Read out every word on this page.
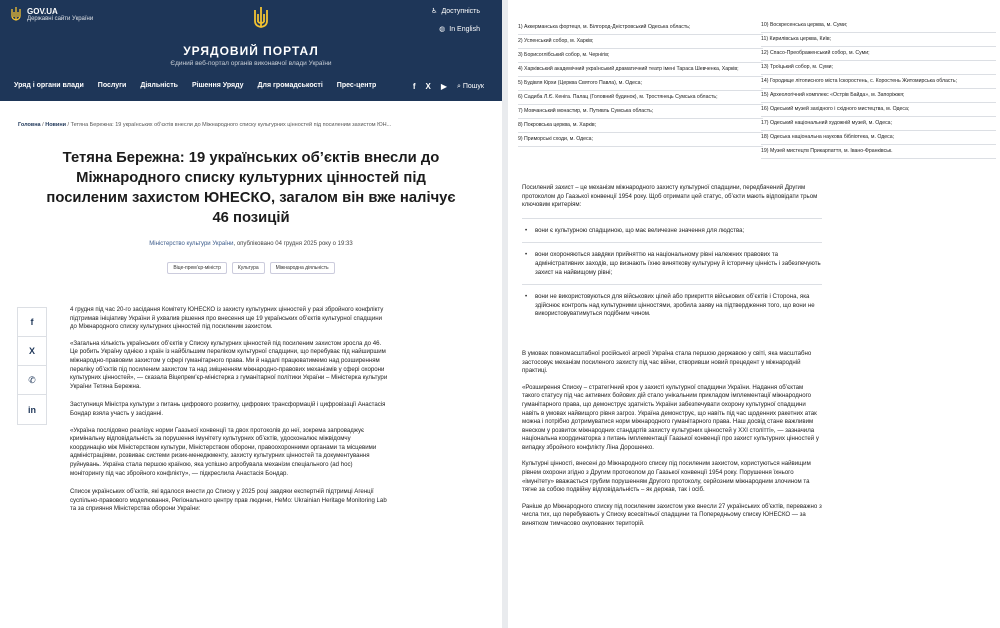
GOV.UA
Державні сайти України
♿ Доступність
◍ In English
УРЯДОВИЙ ПОРТАЛ
Єдиний веб-портал органів виконавчої влади України
Уряд і органи влади Послуги Діяльність Рішення Уряду Для громадськості Прес-центр	f X ▶ ⌕ Пошук
Головна / Новини / Тетяна Бережна: 19 українських об'єктів внесли до Міжнародного списку культурних цінностей під посиленим захистом ЮН...
Тетяна Бережна: 19 українських об’єктів внесли до Міжнародного списку культурних цінностей під посиленим захистом ЮНЕСКО, загалом він вже налічує 46 позицій
Міністерство культури України, опубліковано 04 грудня 2025 року о 19:33
Віце-прем’єр-міністр	Культура	Міжнародна діяльність
f
X
✆
in

4 грудня під час 20-го засідання Комітету ЮНЕСКО із захисту культурних цінностей у разі збройного конфлікту підтримав ініціативу України й ухвалив рішення про внесення ще 19 українських об’єктів культурної спадщини до Міжнародного списку культурних цінностей під посиленим захистом.

«Загальна кількість українських об’єктів у Списку культурних цінностей під посиленим захистом зросла до 46. Це робить Україну однією з країн із найбільшим переліком культурної спадщини, що перебуває під найширшим міжнародно-правовим захистом у сфері гуманітарного права. Ми й надалі працюватимемо над розширенням переліку об’єктів під посиленим захистом та над зміцненням міжнародно-правових механізмів у сфері охорони культурних цінностей», — сказала Віцепрем’єр-міністерка з гуманітарної політики України – Міністерка культури України Тетяна Бережна.

Заступниця Міністра культури з питань цифрового розвитку, цифрових трансформацій і цифровізації Анастасія Бондар взяла участь у засіданні.

«Україна послідовно реалізує норми Гаазької конвенції та двох протоколів до неї, зокрема запроваджує кримінальну відповідальність за порушення імунітету культурних об’єктів, удосконалює міжвідомчу координацію між Міністерством культури, Міністерством оборони, правоохоронними органами та місцевими адміністраціями, розвиває системи ризик-менеджменту, захисту культурних цінностей та документування руйнувань. Україна стала першою країною, яка успішно апробувала механізм спеціального (ad hoc) моніторингу під час збройного конфлікту», — підкреслила Анастасія Бондар.

Список українських об’єктів, які вдалося внести до Списку у 2025 році завдяки експертній підтримці Агенції суспільно-правового моделювання, Регіонального центру прав людини, HeMo: Ukrainian Heritage Monitoring Lab та за сприяння Міністерства оборони України:

1) Аккерманська фортеця, м. Білгород-Дністровський Одеська область;
2) Успенський собор, м. Харків;
3) Борисоглібський собор, м. Чернігів;
4) Харківський академічний український драматичний театр імені Тараса Шевченка, Харків;
5) Будівля Кірхи (Церква Святого Павла), м. Одеса;
6) Садиба Л.Є. Кеніга. Палац (Головний будинок), м. Тростянець Сумська область;
7) Мовчанський монастир, м. Путивль Сумська область;
8) Покровська церква, м. Харків;
9) Приморські сходи, м. Одеса;
10) Воскресенська церква, м. Суми;
11) Кирилівська церква, Київ;
12) Спасо-Преображенський собор, м. Суми;
13) Троїцький собор, м. Суми;
14) Городище літописного міста Іскоростень, с. Коростень Житомирська область;
15) Археологічний комплекс «Острів Байда», м. Запоріжжя;
16) Одеський музей західного і східного мистецтва, м. Одеса;
17) Одеський національний художній музей, м. Одеса;
18) Одеська національна наукова бібліотека, м. Одеса;
19) Музей мистецтв Прикарпаття, м. Івано-Франківськ.

Посилений захист – це механізм міжнародного захисту культурної спадщини, передбачений Другим протоколом до Гаазької конвенції 1954 року. Щоб отримати цей статус, об’єкти мають відповідати трьом ключовим критеріям:

• вони є культурною спадщиною, що має величезне значення для людства;
• вони охороняються завдяки прийняттю на національному рівні належних правових та адміністративних заходів, що визнають їхню виняткову культурну й історичну цінність і забезпечують захист на найвищому рівні;
• вони не використовуються для військових цілей або прикриття військових об’єктів і Сторона, яка здійснює контроль над культурними цінностями, зробила заяву на підтвердження того, що вони не використовуватимуться подібним чином.

В умовах повномасштабної російської агресії Україна стала першою державою у світі, яка масштабно застосовує механізм посиленого захисту під час війни, створивши новий прецедент у міжнародній практиці.

«Розширення Списку – стратегічний крок у захисті культурної спадщини України. Надання об’єктам такого статусу під час активних бойових дій стало унікальним прикладом імплементації міжнародного гуманітарного права, що демонструє здатність України забезпечувати охорону культурної спадщини навіть в умовах найвищого рівня загроз. Україна демонструє, що навіть під час щоденних ракетних атак можна і потрібно дотримуватися норм міжнародного гуманітарного права. Наш досвід стане важливим внеском у розвиток міжнародних стандартів захисту культурних цінностей у XXI столітті», — зазначила національна координаторка з питань імплементації Гаазької конвенції про захист культурних цінностей у випадку збройного конфлікту Ліна Дорошенко.

Культурні цінності, внесені до Міжнародного списку під посиленим захистом, користуються найвищим рівнем охорони згідно з Другим протоколом до Гаазької конвенції 1954 року. Порушення їхнього «імунітету» вважається грубим порушенням Другого протоколу, серйозним міжнародним злочином та тягне за собою подвійну відповідальність – як держав, так і осіб.

Раніше до Міжнародного списку під посиленим захистом уже внесли 27 українських об’єктів, переважно з числа тих, що перебувають у Списку всесвітньої спадщини та Попередньому списку ЮНЕСКО — за винятком тимчасово окупованих територій.
